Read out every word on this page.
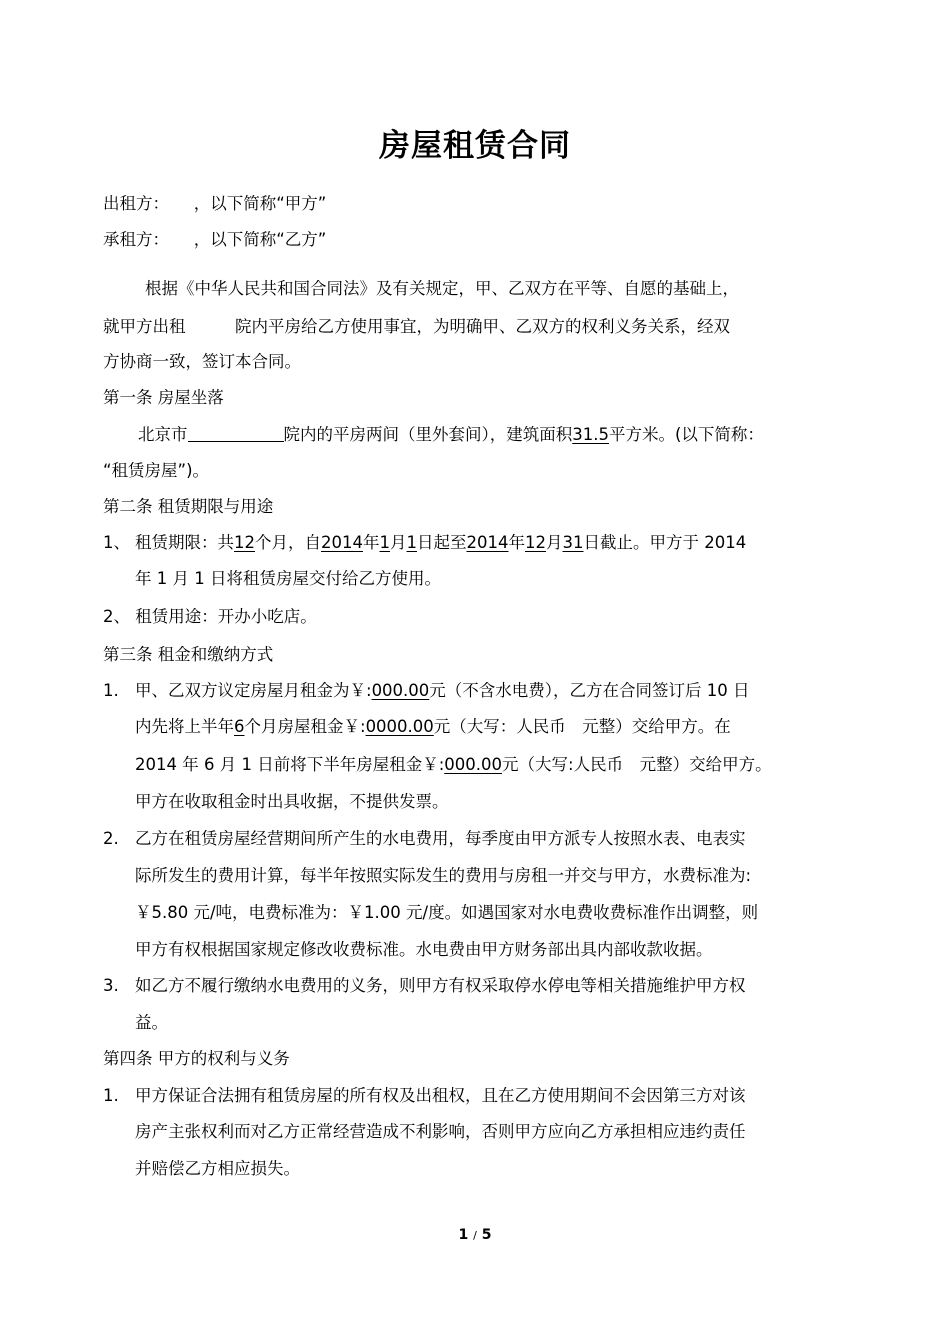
房屋租赁合同
出租方：　　，以下简称“甲方”
承租方：　　，以下简称“乙方”
根据《中华人民共和国合同法》及有关规定，甲、乙双方在平等、自愿的基础上，
就甲方出租　　　院内平房给乙方使用事宜，为明确甲、乙双方的权利义务关系，经双
方协商一致，签订本合同。
第一条 房屋坐落
北京市	院内的平房两间（里外套间），建筑面积31.5平方米。(以下简称：
“租赁房屋”)。
第二条 租赁期限与用途
1、 租赁期限：共12个月，自2014年1月1日起至2014年12月31日截止。甲方于 2014
年 1 月 1 日将租赁房屋交付给乙方使用。
2、 租赁用途：开办小吃店。
第三条 租金和缴纳方式
1. 甲、乙双方议定房屋月租金为￥:000.00元（不含水电费），乙方在合同签订后 10 日
内先将上半年6个月房屋租金￥:0000.00元（大写：人民币　元整）交给甲方。在
2014 年 6 月 1 日前将下半年房屋租金￥:000.00元（大写:人民币　元整）交给甲方。
甲方在收取租金时出具收据，不提供发票。
2. 乙方在租赁房屋经营期间所产生的水电费用，每季度由甲方派专人按照水表、电表实
际所发生的费用计算，每半年按照实际发生的费用与房租一并交与甲方，水费标准为:
￥5.80 元/吨，电费标准为：￥1.00 元/度。如遇国家对水电费收费标准作出调整，则
甲方有权根据国家规定修改收费标准。水电费由甲方财务部出具内部收款收据。
3. 如乙方不履行缴纳水电费用的义务，则甲方有权采取停水停电等相关措施维护甲方权
益。
第四条 甲方的权利与义务
1. 甲方保证合法拥有租赁房屋的所有权及出租权，且在乙方使用期间不会因第三方对该
房产主张权利而对乙方正常经营造成不利影响，否则甲方应向乙方承担相应违约责任
并赔偿乙方相应损失。
1 / 5
